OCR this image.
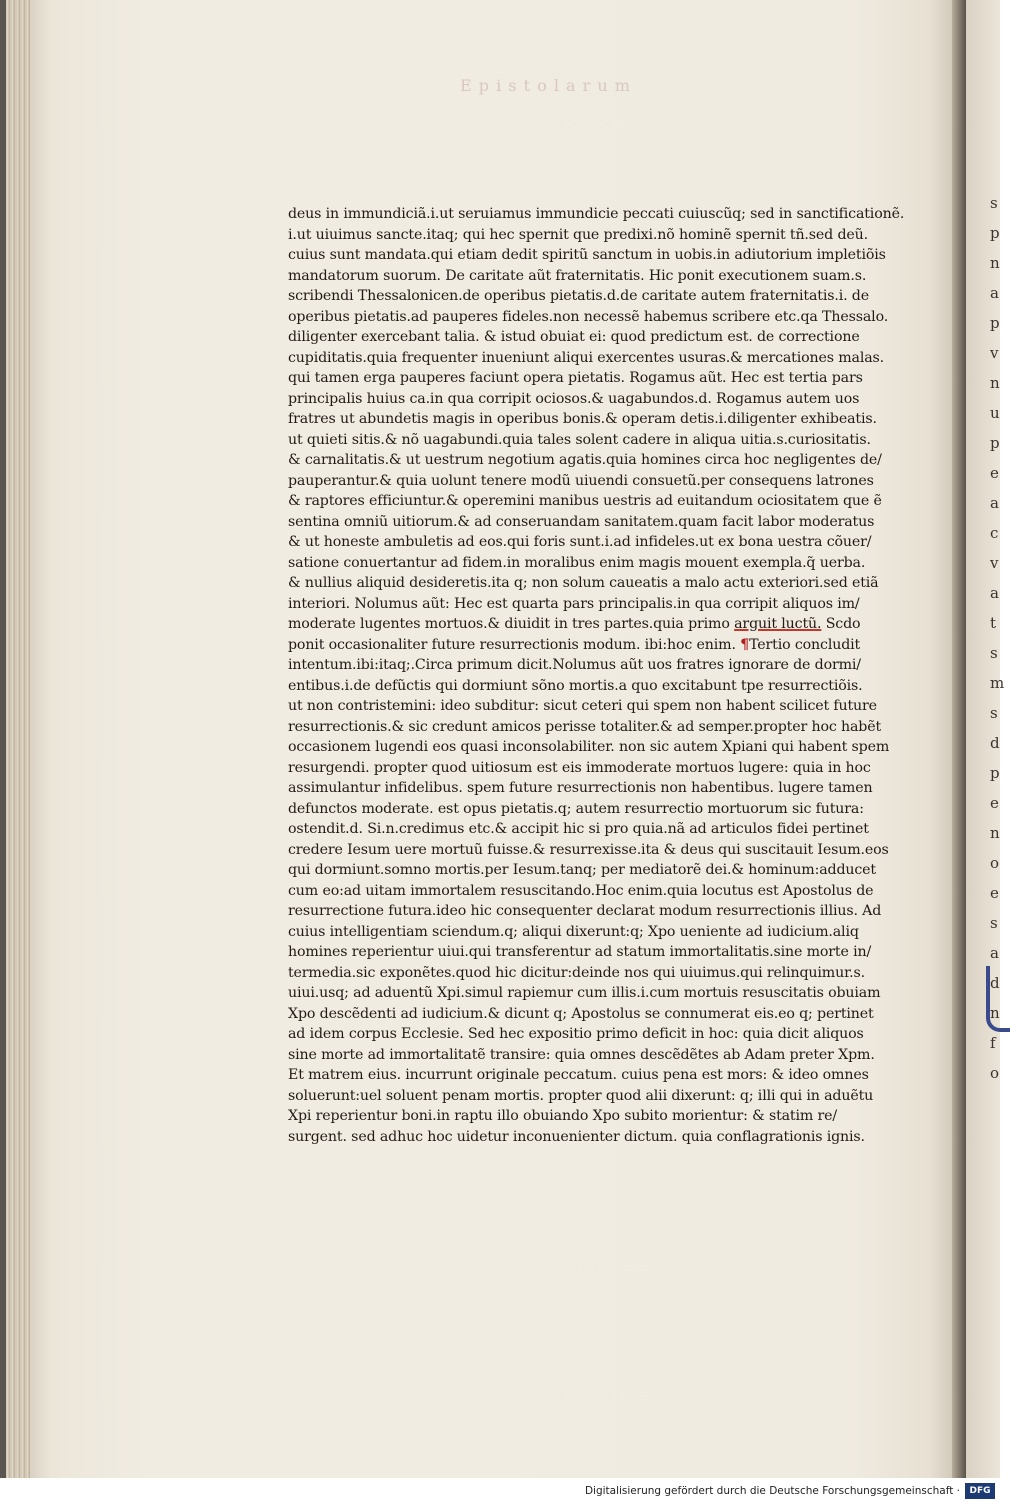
E p i s t o l a r u m
s
p
n
a
p
v
n
u
p
e
a
c
v
a
t
s
m
s
d
p
e
n
o
e
s
a
d
n
f
o
deus in immundiciã.i.ut seruiamus immundicie peccati cuiuscũq; sed in sanctificationẽ.
i.ut uiuimus sancte.itaq; qui hec spernit que predixi.nõ hominẽ spernit tñ.sed deũ.
cuius sunt mandata.qui etiam dedit spiritũ sanctum in uobis.in adiutorium impletiõis
mandatorum suorum. De caritate aũt fraternitatis. Hic ponit executionem suam.s.
scribendi Thessalonicen.de operibus pietatis.d.de caritate autem fraternitatis.i. de
operibus pietatis.ad pauperes fideles.non necessẽ habemus scribere etc.qa Thessalo.
diligenter exercebant talia. & istud obuiat ei: quod predictum est. de correctione
cupiditatis.quia frequenter inueniunt aliqui exercentes usuras.& mercationes malas.
qui tamen erga pauperes faciunt opera pietatis. Rogamus aũt. Hec est tertia pars
principalis huius ca.in qua corripit ociosos.& uagabundos.d. Rogamus autem uos
fratres ut abundetis magis in operibus bonis.& operam detis.i.diligenter exhibeatis.
ut quieti sitis.& nõ uagabundi.quia tales solent cadere in aliqua uitia.s.curiositatis.
& carnalitatis.& ut uestrum negotium agatis.quia homines circa hoc negligentes de/
pauperantur.& quia uolunt tenere modũ uiuendi consuetũ.per consequens latrones
& raptores efficiuntur.& operemini manibus uestris ad euitandum ociositatem que ẽ
sentina omniũ uitiorum.& ad conseruandam sanitatem.quam facit labor moderatus
& ut honeste ambuletis ad eos.qui foris sunt.i.ad infideles.ut ex bona uestra cõuer/
satione conuertantur ad fidem.in moralibus enim magis mouent exempla.q̃ uerba.
& nullius aliquid desideretis.ita q; non solum caueatis a malo actu exteriori.sed etiã
interiori. Nolumus aũt: Hec est quarta pars principalis.in qua corripit aliquos im/
moderate lugentes mortuos.& diuidit in tres partes.quia primo arguit luctũ. Scdo
ponit occasionaliter future resurrectionis modum. ibi:hoc enim. ¶Tertio concludit
intentum.ibi:itaq;.Circa primum dicit.Nolumus aũt uos fratres ignorare de dormi/
entibus.i.de defũctis qui dormiunt sõno mortis.a quo excitabunt tpe resurrectiõis.
ut non contristemini: ideo subditur: sicut ceteri qui spem non habent scilicet future
resurrectionis.& sic credunt amicos perisse totaliter.& ad semper.propter hoc habẽt
occasionem lugendi eos quasi inconsolabiliter. non sic autem Xpiani qui habent spem
resurgendi. propter quod uitiosum est eis immoderate mortuos lugere: quia in hoc
assimulantur infidelibus. spem future resurrectionis non habentibus. lugere tamen
defunctos moderate. est opus pietatis.q; autem resurrectio mortuorum sic futura:
ostendit.d. Si.n.credimus etc.& accipit hic si pro quia.nã ad articulos fidei pertinet
credere Iesum uere mortuũ fuisse.& resurrexisse.ita & deus qui suscitauit Iesum.eos
qui dormiunt.somno mortis.per Iesum.tanq; per mediatorẽ dei.& hominum:adducet
cum eo:ad uitam immortalem resuscitando.Hoc enim.quia locutus est Apostolus de
resurrectione futura.ideo hic consequenter declarat modum resurrectionis illius. Ad
cuius intelligentiam sciendum.q; aliqui dixerunt:q; Xpo ueniente ad iudicium.aliq
homines reperientur uiui.qui transferentur ad statum immortalitatis.sine morte in/
termedia.sic exponẽtes.quod hic dicitur:deinde nos qui uiuimus.qui relinquimur.s.
uiui.usq; ad aduentũ Xpi.simul rapiemur cum illis.i.cum mortuis resuscitatis obuiam
Xpo descẽdenti ad iudicium.& dicunt q; Apostolus se connumerat eis.eo q; pertinet
ad idem corpus Ecclesie. Sed hec expositio primo deficit in hoc: quia dicit aliquos
sine morte ad immortalitatẽ transire: quia omnes descẽdẽtes ab Adam preter Xpm.
Et matrem eius. incurrunt originale peccatum. cuius pena est mors: & ideo omnes
soluerunt:uel soluent penam mortis. propter quod alii dixerunt: q; illi qui in aduẽtu
Xpi reperientur boni.in raptu illo obuiando Xpo subito morientur: & statim re/
surgent. sed adhuc hoc uidetur inconuenienter dictum. quia conflagrationis ignis.
Digitalisierung gefördert durch die Deutsche Forschungsgemeinschaft ·	DFG
